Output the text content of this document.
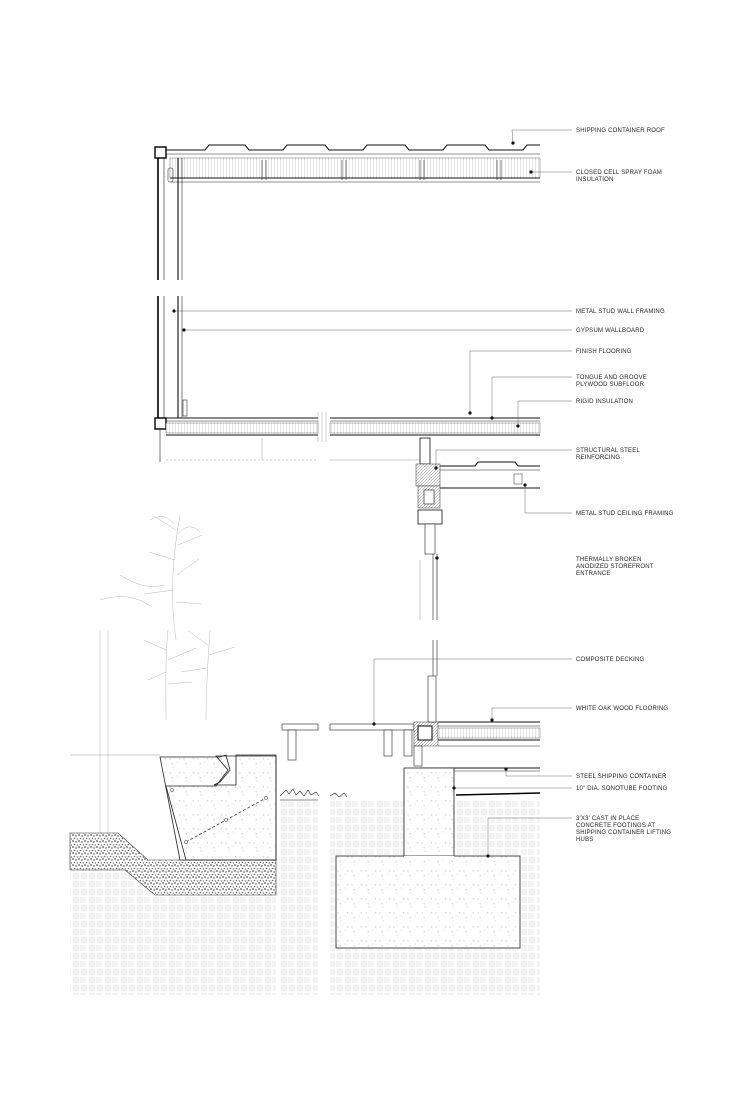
SHIPPING CONTAINER ROOF
CLOSED CELL SPRAY FOAM INSULATION
METAL STUD WALL FRAMING
GYPSUM WALLBOARD
FINISH FLOORING
TONGUE AND GROOVE PLYWOOD SUBFLOOR
RIGID INSULATION
STRUCTURAL STEEL REINFORCING
METAL STUD CEILING FRAMING
THERMALLY BROKEN ANODIZED STOREFRONT ENTRANCE
COMPOSITE DECKING
WHITE OAK WOOD FLOORING
STEEL SHIPPING CONTAINER
10" DIA. SONOTUBE FOOTING
3'X3' CAST IN PLACE CONCRETE FOOTINGS AT SHIPPING CONTAINER LIFTING HUBS
